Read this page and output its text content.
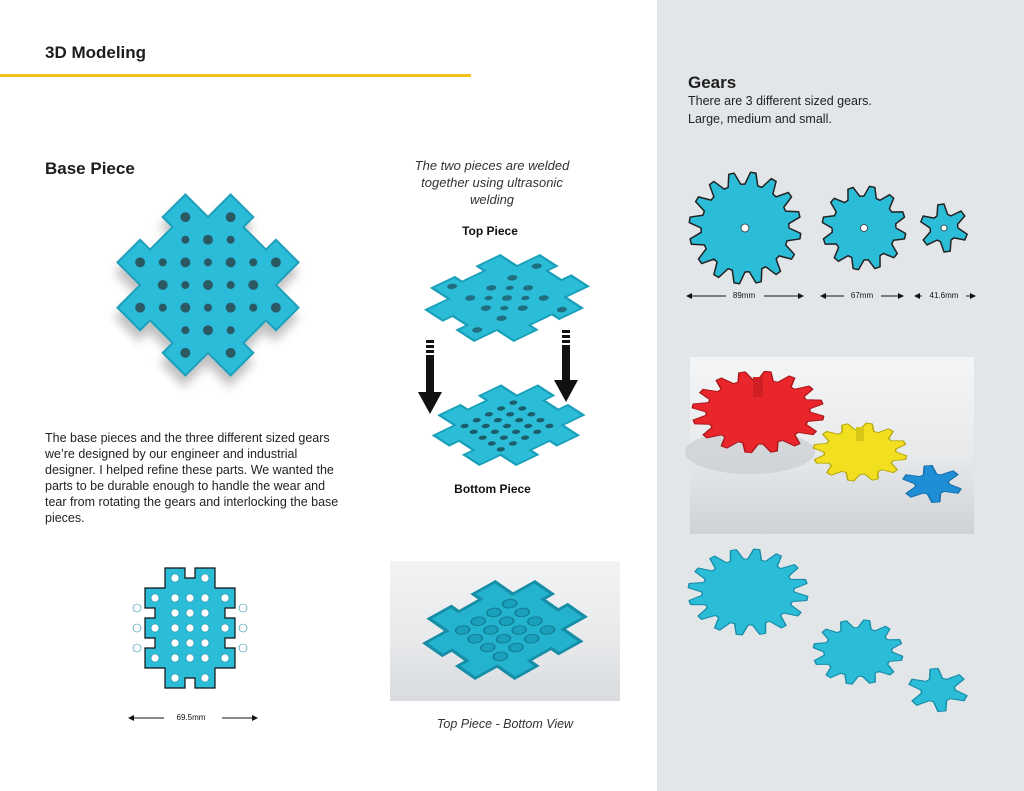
3D Modeling
Base Piece
The base pieces and the three different sized gears we’re designed by our engineer and industrial designer. I helped refine these parts. We wanted the parts to be durable enough to handle the wear and tear from rotating the gears and interlocking the base pieces.
69.5mm
The two pieces are welded together using ultrasonic welding
Top Piece
Bottom Piece
Top Piece - Bottom View
Gears
There are 3 different sized gears.
Large, medium and small.
89mm	67mm	41.6mm
